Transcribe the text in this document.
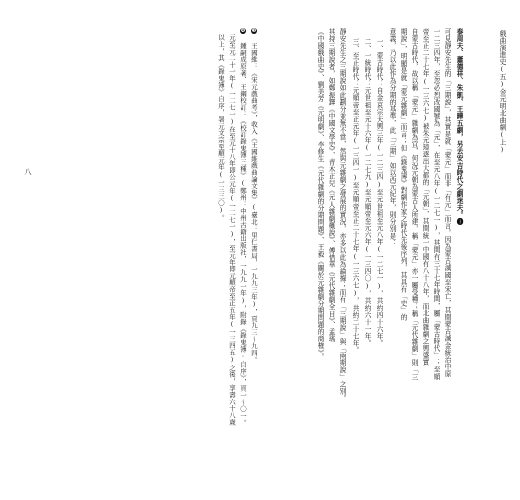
戲曲演進史(五)金元明北曲劇(上)
泰周夫、蕭德祥、朱凱、王曄五劇，另去安吉時代之劇迷夫。❸
可見靜安先生的「三期說」，其實是就「蒙元」而非「有元」而言。因為蒙古滅國至宋亡，其間蒙古滅金統治中原
一二三四年，至忽必烈改國號為「元」，在至元八年(一二七一)，其間有三十七年時間，屬「蒙古時代」；至順
帝至正二十七年(一三六七)被朱元璋逐出大都的「元朝」，其間統一中國有八十八年，而北曲雜劇之興盛實
自蒙古時代，故以稱「蒙元」雜劇為宜，何況元朝為蒙古人所建，稱「蒙元」亦一屬受種；稱「元代雜劇」則「三
期說」，明顯是就「蒙元雜劇」而言；但《錄鬼簿》對劇作家之時代先後序列，其具有「史」的
意義，乃以此作為分期的基準，此「三期」如以西元紀年，則分別是：
一、蒙古時代：自金哀宗天興三年(一二三四)至元世祖至元八年(一二七一)，共約四十六年。
二、一統時代：元世祖至元十六年(一二七九)至元順帝至元六年(一三四〇)，共約六十一年。
三、至正時代：元順帝至正元年(一三四一)至元順帝至正二十七年(一三六七)，共約二十七年。
靜安先生之三期說如此劃分並無不當，然與元雜劇之發展的實況，亦多以此為論據；而有「三期說」與「兩期說」之別。
其持三期說者，如鄭振鐸《中國文學史》、青木正兒《元人雜劇概說》、傅惜華《元代雜劇全目》、孟瑤
《中國戲曲史》、劉美芳《元明劇》、李修生《元代雜劇的分期問題》、王毅《關於元雜劇分期問題的商榷》。
❸ 王國維：《宋元戲曲考》，收入《王國維戲曲論文集》(臺北：里仁書局，一九九三年)，頁九三～九四。
❹ 鍾嗣成原著、王鋼校訂：《校訂錄鬼簿三種》(鄭州：中州古籍出版社，一九九一年)，附錄《錄鬼簿·自序》，頁一～〇一。
元至元二十一年(一二七一)在至元十八年即公元年(一二七一)，至元年即元順帝至正五年(一三四五)之後，享壽六十八歲
以上，其《錄鬼簿》自序，署元文宗至順元年(一三三〇)。
八
